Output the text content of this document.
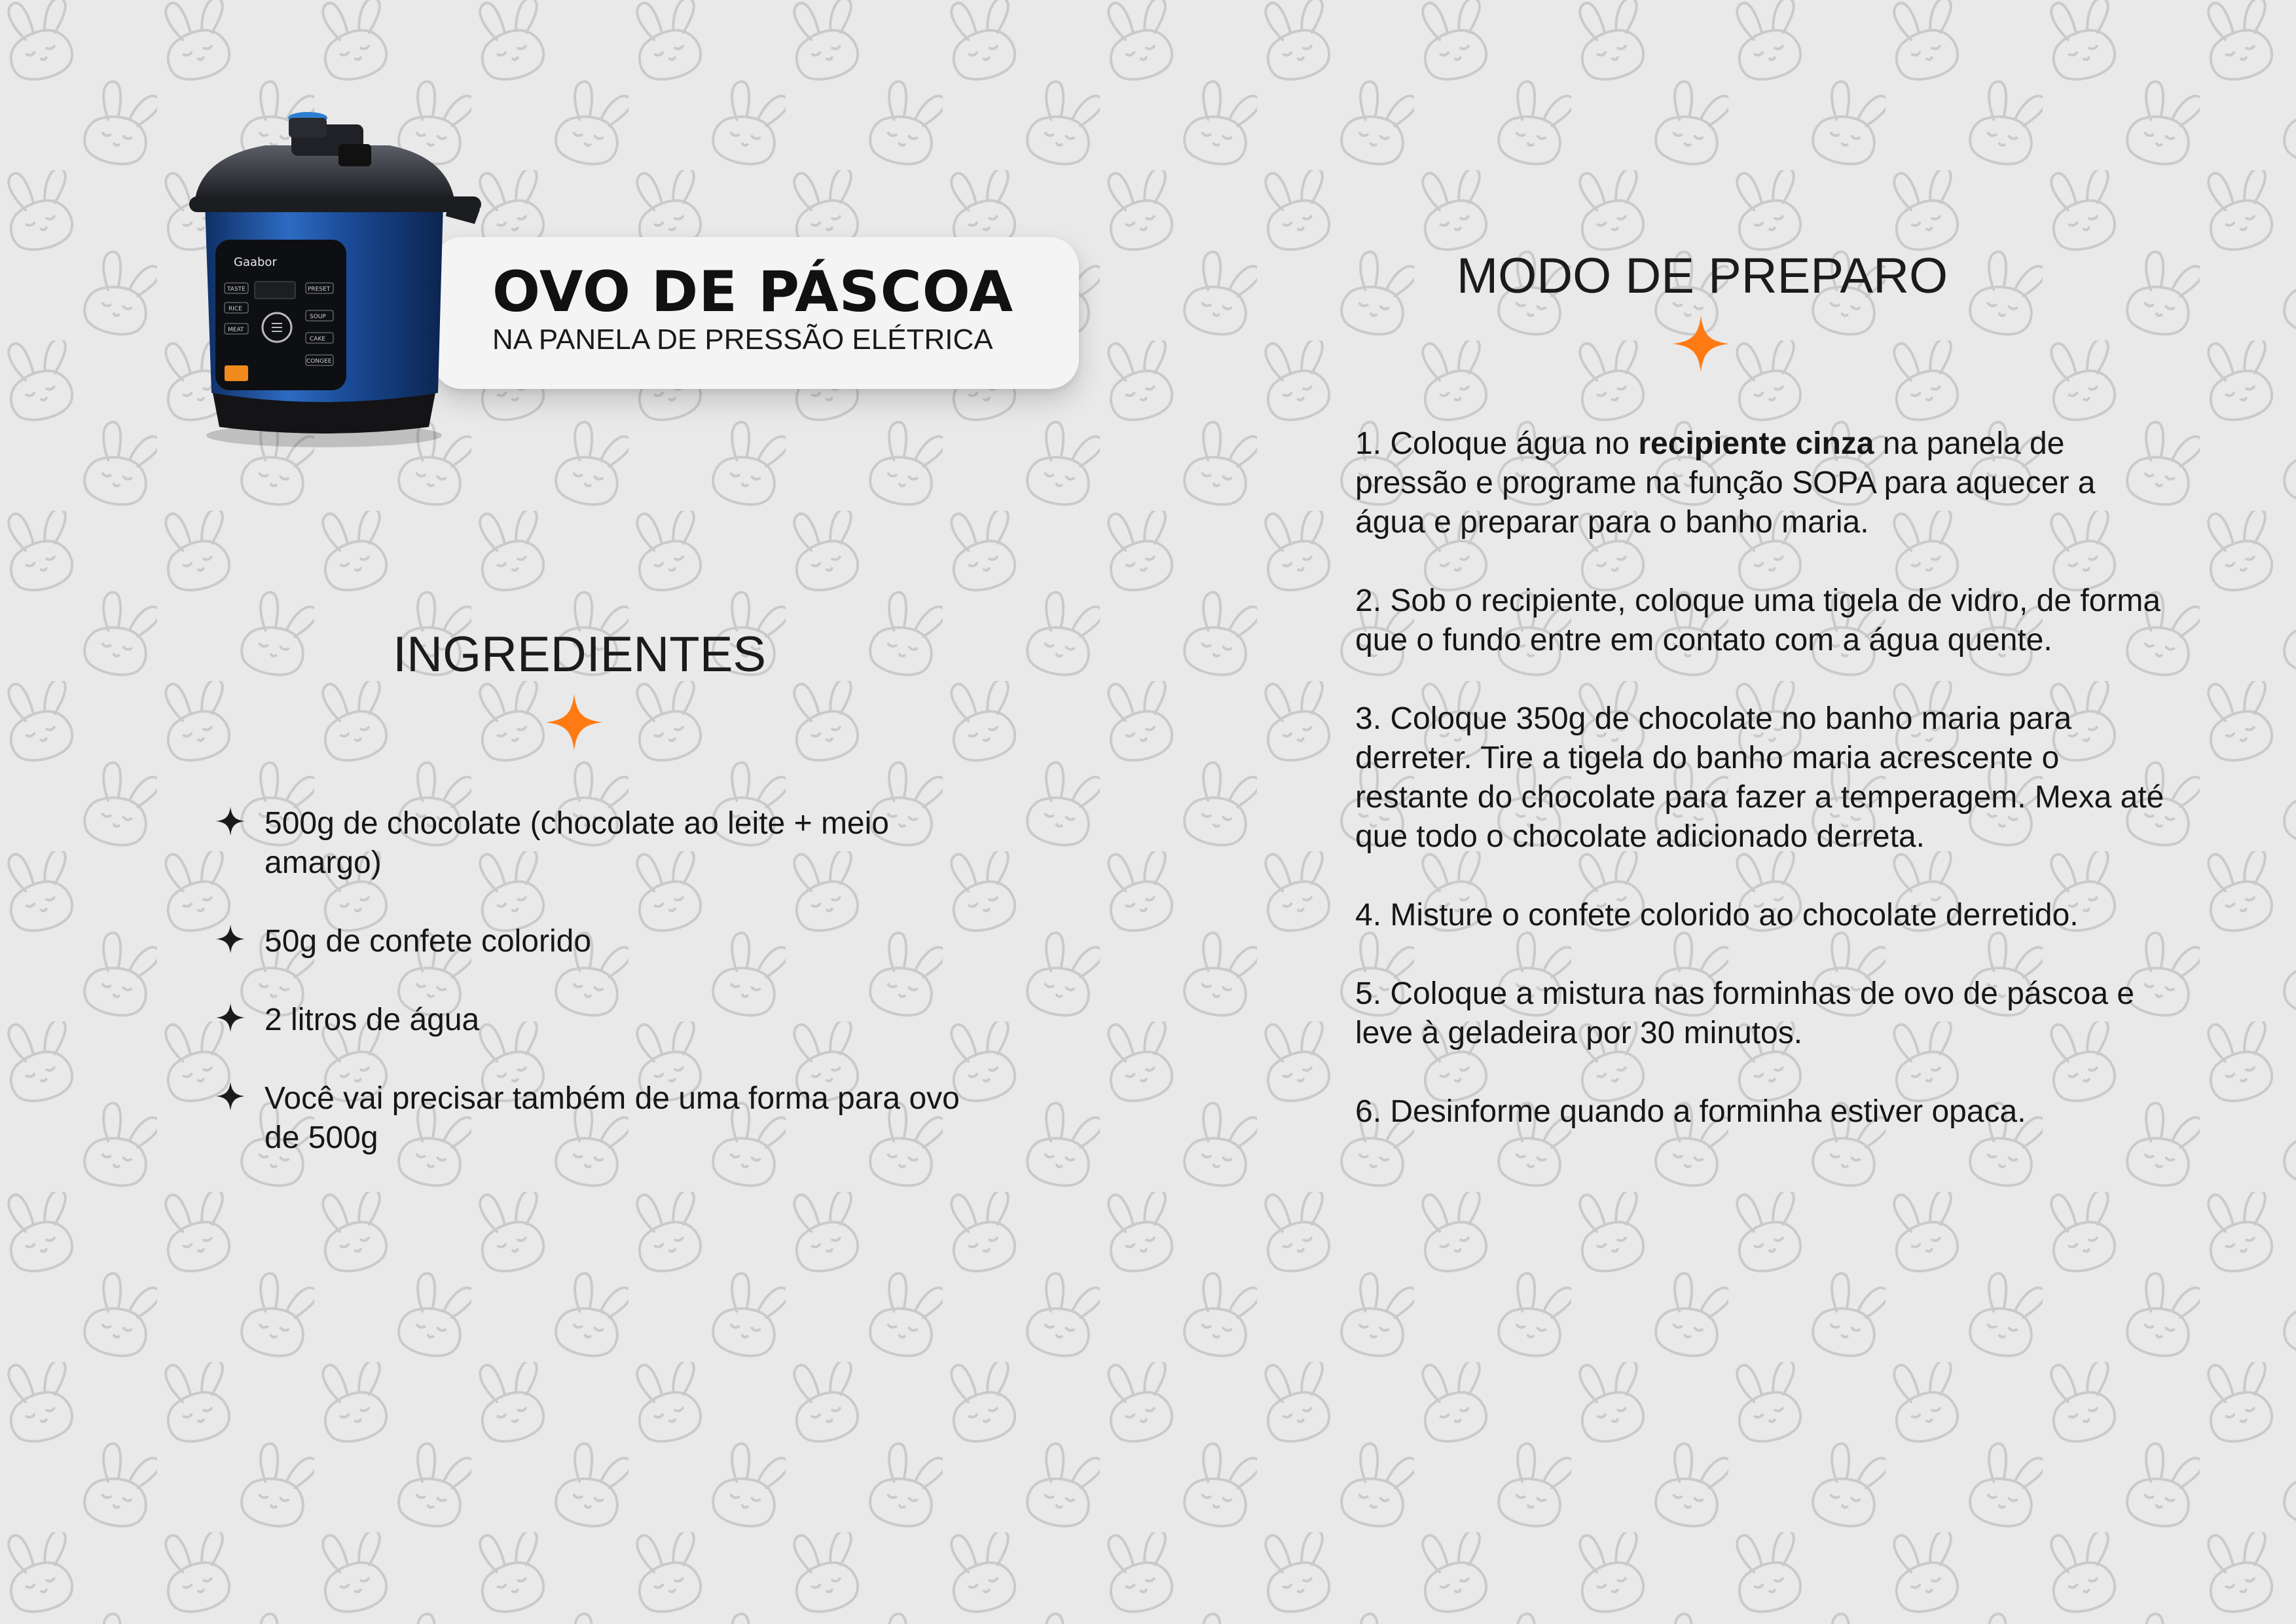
OVO DE PÁSCOA

NA PANELA DE PRESSÃO ELÉTRICA

Gaabor
TASTE	PRESET
RICE
SOUP
MEAT
CAKE
CONGEE
INGREDIENTES
500g de chocolate (chocolate ao leite + meio amargo)
50g de confete colorido
2 litros de água
Você vai precisar também de uma forma para ovo de 500g
MODO DE PREPARO
1. Coloque água no recipiente cinza na panela de pressão e programe na função SOPA para aquecer a água e preparar para o banho maria.
2. Sob o recipiente, coloque uma tigela de vidro, de forma que o fundo entre em contato com a água quente.
3. Coloque 350g de chocolate no banho maria para derreter. Tire a tigela do banho maria acrescente o restante do chocolate para fazer a temperagem. Mexa até que todo o chocolate adicionado derreta.
4. Misture o confete colorido ao chocolate derretido.
5. Coloque a mistura nas forminhas de ovo de páscoa e leve à geladeira por 30 minutos.
6. Desinforme quando a forminha estiver opaca.
